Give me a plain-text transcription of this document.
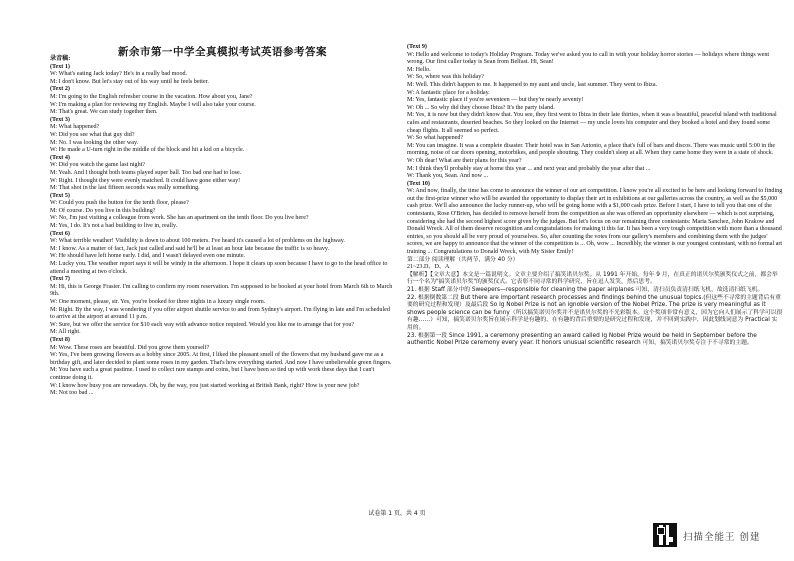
新余市第一中学全真模拟考试英语参考答案
录音稿:
(Text 1)
W: What's eating Jack today? He's in a really bad mood.
M: I don't know. But let's stay out of his way until he feels better.
(Text 2)
M: I'm going to the English refresher course in the vacation. How about you, Jane?
W: I'm making a plan for reviewing my English. Maybe I will also take your course.
M: That's great. We can study together then.
(Text 3)
M: What happened?
W: Did you see what that guy did?
M: No. I was looking the other way.
W: He made a U-turn right in the middle of the block and hit a kid on a bicycle.
(Text 4)
W: Did you watch the game last night?
M: Yeah. And I thought both teams played super ball. Too bad one had to lose.
W: Right. I thought they were evenly matched. It could have gone either way!
M: That shot in the last fifteen seconds was really something.
(Text 5)
W: Could you push the button for the tenth floor, please?
M: Of course. Do you live in this building?
W: No, I'm just visiting a colleague from work. She has an apartment on the tenth floor. Do you live here?
M: Yes, I do. It's not a bad building to live in, really.
(Text 6)
W: What terrible weather! Visibility is down to about 100 meters. I've heard it's caused a lot of problems on the highway.
M: I know. As a matter of fact, Jack just called and said he'll be at least an hour late because the traffic is so heavy.
W: He should have left home early. I did, and I wasn't delayed even one minute.
M: Lucky you. The weather report says it will be windy in the afternoon. I hope it clears up soon because I have to go to the head office to attend a meeting at two o'clock.
(Text 7)
M: Hi, this is George Frasier. I'm calling to confirm my room reservation. I'm supposed to be booked at your hotel from March 6th to March 9th.
W: One moment, please, sir. Yes, you're booked for three nights in a luxury single room.
M: Right. By the way, I was wondering if you offer airport shuttle service to and from Sydney's airport. I'm flying in late and I'm scheduled to arrive at the airport at around 11 p.m.
W: Sure, but we offer the service for $10 each way with advance notice required. Would you like me to arrange that for you?
M: All right.
(Text 8)
M: Wow. These roses are beautiful. Did you grow them yourself?
W: Yes, I've been growing flowers as a hobby since 2005. At first, I liked the pleasant smell of the flowers that my husband gave me as a birthday gift, and later decided to plant some roses in my garden. That's how everything started. And now I have unbelievable green fingers.
M: You have such a great pastime. I used to collect rare stamps and coins, but I have been so tied up with work these days that I can't continue doing it.
W: I know how busy you are nowadays. Oh, by the way, you just started working at British Bank, right? How is your new job?
M: Not too bad ...
(Text 9)
W: Hello and welcome to today's Holiday Program. Today we've asked you to call in with your holiday horror stories — holidays where things went wrong. Our first caller today is Sean from Belfast. Hi, Sean!
M: Hello.
W: So, where was this holiday?
M: Well. This didn't happen to me. It happened to my aunt and uncle, last summer. They went to Ibiza.
W: A fantastic place for a holiday.
M: Yes, fantastic place if you're seventeen — but they're nearly seventy!
W: Oh ... So why did they choose Ibiza? It's the party island.
M: Yes, it is now but they didn't know that. You see, they first went to Ibiza in their late thirties, when it was a beautiful, peaceful island with traditional cafes and restaurants, deserted beaches. So they looked on the Internet — my uncle loves his computer and they booked a hotel and they found some cheap flights. It all seemed so perfect.
W: So what happened?
M: You can imagine. It was a complete disaster. Their hotel was in San Antonio, a place that's full of bars and discos. There was music until 5:00 in the morning, noise of car doors opening, motorbikes, and people shouting. They couldn't sleep at all. When they came home they were in a state of shock.
W: Oh dear! What are their plans for this year?
M: I think they'll probably stay at home this year ... and next year and probably the year after that ...
W: Thank you, Sean. And now ...
(Text 10)
W: And now, finally, the time has come to announce the winner of our art competition. I know you're all excited to be here and looking forward to finding out the first-prize winner who will be awarded the opportunity to display their art in exhibitions at our galleries across the country, as well as the $5,000 cash prize. We'll also announce the lucky runner-up, who will be going home with a $1,000 cash prize. Before I start, I have to tell you that one of the contestants, Rose O'Brien, has decided to remove herself from the competition as she was offered an opportunity elsewhere — which is not surprising, considering she had the second highest score given by the judges. But let's focus on our remaining three contestants: Maria Sanchez, John Krakow and Donald Wreck. All of them deserve recognition and congratulations for making it this far. It has been a very tough competition with more than a thousand entries, so you should all be very proud of yourselves. So, after counting the votes from our gallery's members and combining them with the judges' scores, we are happy to announce that the winner of the competition is ... Oh, wow ... Incredibly, the winner is our youngest contestant, with no formal art training ... Congratulations to Donald Wreck, with My Sister Emily!
第二部分 阅读理解（共两节，满分 40 分）
21~23.D、D、A
【解析】【文章大意】本文是一篇说明文。文章主要介绍了搞笑诺贝尔奖。从 1991 年开始，每年 9 月，在真正的诺贝尔奖颁奖仪式之前，都会举行一个名为"搞笑诺贝尔奖"的颁奖仪式。它表彰不同寻常的科学研究，旨在逗人发笑，然后思考。
21. 根据 Staff 部分中的 Sweepers—responsible for cleaning the paper airplanes 可知，清扫员负责清扫纸飞机，故选清扫纸飞机。
22. 根据倒数第二段 But there are important research processes and findings behind the unusual topics.(但这些不寻常的主题背后有重要的研究过程和发现）及最后段 So Ig Nobel Prize is not an ignoble version of the Nobel Prize. The prize is very meaningful as it shows people science can be funny（所以搞笑诺贝尔奖并不是诺贝尔奖的不光彩版本。这个奖项非常有意义，因为它向人们展示了科学可以很有趣……）可知，搞笑诺贝尔奖旨在展示科学是有趣的，在有趣的背后重要的是研究过程和发现，并不回到实践中，因此划线词意为 Practical 实用的。
23. 根据第一段 Since 1991, a ceremony presenting an award called Ig Nobel Prize would be held in September before the authentic Nobel Prize ceremony every year. It honors unusual scientific research 可知，搞笑诺贝尔奖专注于不寻常的主题。
试卷第 1 页，共 4 页
扫描全能王 创建
